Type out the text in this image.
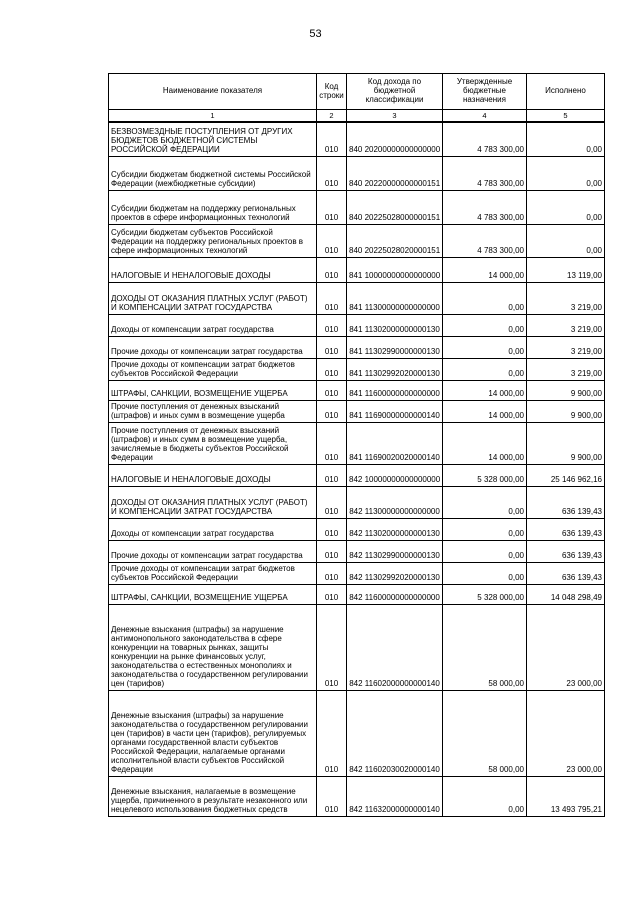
53
Наименование показателя	Код строки	Код дохода по бюджетной классификации	Утвержденные бюджетные назначения	Исполнено
1	2	3	4	5
БЕЗВОЗМЕЗДНЫЕ ПОСТУПЛЕНИЯ ОТ ДРУГИХ БЮДЖЕТОВ БЮДЖЕТНОЙ СИСТЕМЫ РОССИЙСКОЙ ФЕДЕРАЦИИ	010	840 20200000000000000	4 783 300,00	0,00
Субсидии бюджетам бюджетной системы Российской Федерации (межбюджетные субсидии)	010	840 20220000000000151	4 783 300,00	0,00
Субсидии бюджетам на поддержку региональных проектов в сфере информационных технологий	010	840 20225028000000151	4 783 300,00	0,00
Субсидии бюджетам субъектов Российской Федерации на поддержку региональных проектов в сфере информационных технологий	010	840 20225028020000151	4 783 300,00	0,00
НАЛОГОВЫЕ И НЕНАЛОГОВЫЕ ДОХОДЫ	010	841 10000000000000000	14 000,00	13 119,00
ДОХОДЫ ОТ ОКАЗАНИЯ ПЛАТНЫХ УСЛУГ (РАБОТ) И КОМПЕНСАЦИИ ЗАТРАТ ГОСУДАРСТВА	010	841 11300000000000000	0,00	3 219,00
Доходы от компенсации затрат государства	010	841 11302000000000130	0,00	3 219,00
Прочие доходы от компенсации затрат государства	010	841 11302990000000130	0,00	3 219,00
Прочие доходы от компенсации затрат бюджетов субъектов Российской Федерации	010	841 11302992020000130	0,00	3 219,00
ШТРАФЫ, САНКЦИИ, ВОЗМЕЩЕНИЕ УЩЕРБА	010	841 11600000000000000	14 000,00	9 900,00
Прочие поступления от денежных взысканий (штрафов) и иных сумм в возмещение ущерба	010	841 11690000000000140	14 000,00	9 900,00
Прочие поступления от денежных взысканий (штрафов) и иных сумм в возмещение ущерба, зачисляемые в бюджеты субъектов Российской Федерации	010	841 11690020020000140	14 000,00	9 900,00
НАЛОГОВЫЕ И НЕНАЛОГОВЫЕ ДОХОДЫ	010	842 10000000000000000	5 328 000,00	25 146 962,16
ДОХОДЫ ОТ ОКАЗАНИЯ ПЛАТНЫХ УСЛУГ (РАБОТ) И КОМПЕНСАЦИИ ЗАТРАТ ГОСУДАРСТВА	010	842 11300000000000000	0,00	636 139,43
Доходы от компенсации затрат государства	010	842 11302000000000130	0,00	636 139,43
Прочие доходы от компенсации затрат государства	010	842 11302990000000130	0,00	636 139,43
Прочие доходы от компенсации затрат бюджетов субъектов Российской Федерации	010	842 11302992020000130	0,00	636 139,43
ШТРАФЫ, САНКЦИИ, ВОЗМЕЩЕНИЕ УЩЕРБА	010	842 11600000000000000	5 328 000,00	14 048 298,49
Денежные взыскания (штрафы) за нарушение антимонопольного законодательства в сфере конкуренции на товарных рынках, защиты конкуренции на рынке финансовых услуг, законодательства о естественных монополиях и законодательства о государственном регулировании цен (тарифов)	010	842 11602000000000140	58 000,00	23 000,00
Денежные взыскания (штрафы) за нарушение законодательства о государственном регулировании цен (тарифов) в части цен (тарифов), регулируемых органами государственной власти субъектов Российской Федерации, налагаемые органами исполнительной власти субъектов Российской Федерации	010	842 11602030020000140	58 000,00	23 000,00
Денежные взыскания, налагаемые в возмещение ущерба, причиненного в результате незаконного или нецелевого использования бюджетных средств	010	842 11632000000000140	0,00	13 493 795,21
